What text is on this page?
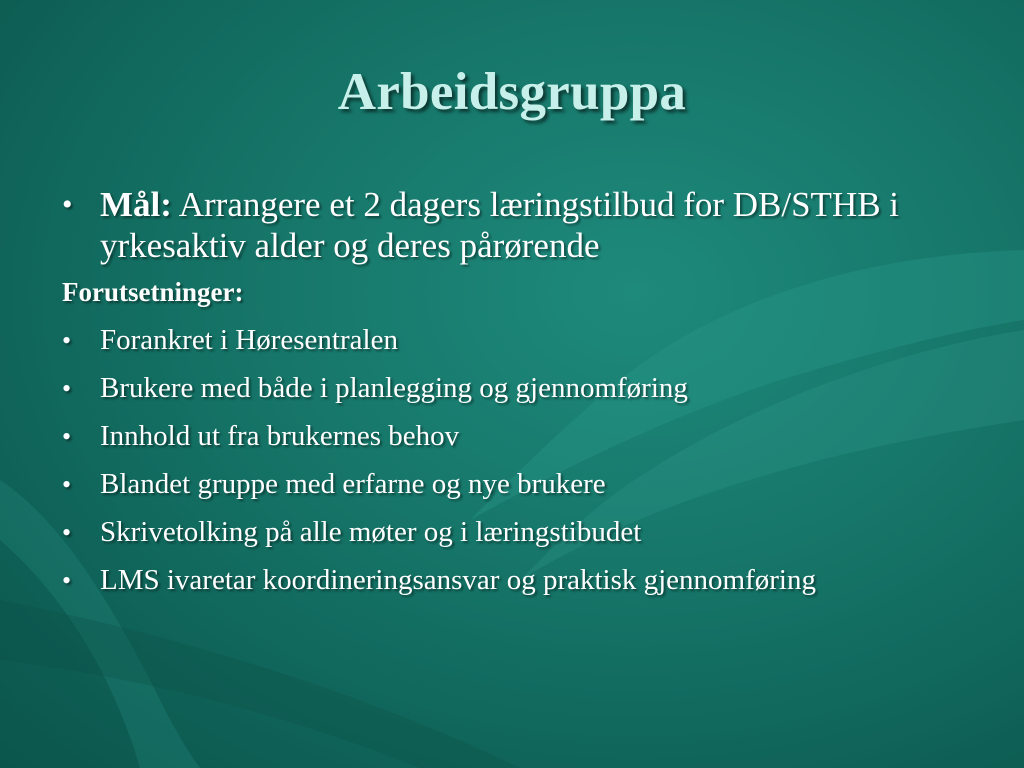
Arbeidsgruppa
• Mål: Arrangere et 2 dagers læringstilbud for DB/STHB i yrkesaktiv alder og deres pårørende
Forutsetninger:
• Forankret i Høresentralen
• Brukere med både i planlegging og gjennomføring
• Innhold ut fra brukernes behov
• Blandet gruppe med erfarne og nye brukere
• Skrivetolking på alle møter og i læringstibudet
• LMS ivaretar koordineringsansvar og praktisk gjennomføring
